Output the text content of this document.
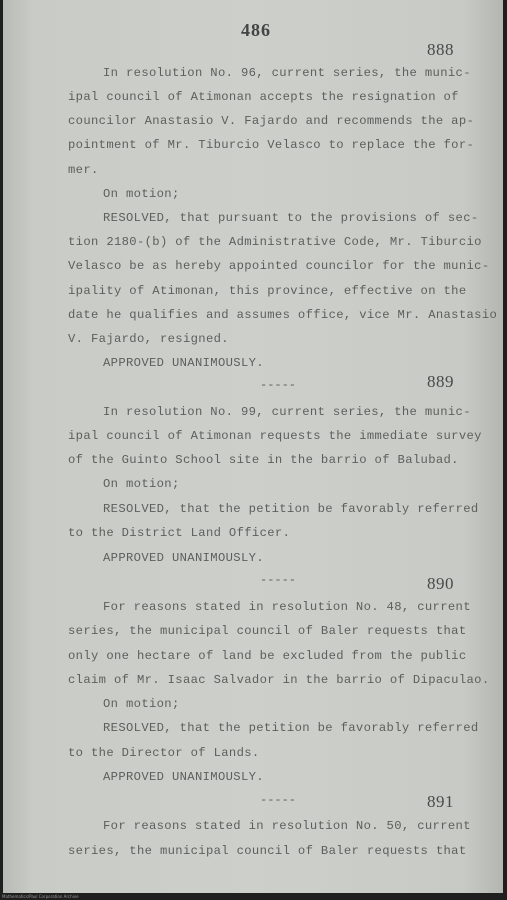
486

888

In resolution No. 96, current series, the munic-

ipal council of Atimonan accepts the resignation of

councilor Anastasio V. Fajardo and recommends the ap-

pointment of Mr. Tiburcio Velasco to replace the for-

mer.

On motion;

RESOLVED, that pursuant to the provisions of sec-

tion 2180-(b) of the Administrative Code, Mr. Tiburcio

Velasco be as hereby appointed councilor for the munic-

ipality of Atimonan, this province, effective on the

date he qualifies and assumes office, vice Mr. Anastasio

V. Fajardo, resigned.

APPROVED UNANIMOUSLY.

-----	889

In resolution No. 99, current series, the munic-

ipal council of Atimonan requests the immediate survey

of the Guinto School site in the barrio of Balubad.

On motion;

RESOLVED, that the petition be favorably referred

to the District Land Officer.

APPROVED UNANIMOUSLY.

-----	890

For reasons stated in resolution No. 48, current

series, the municipal council of Baler requests that

only one hectare of land be excluded from the public

claim of Mr. Isaac Salvador in the barrio of Dipaculao.

On motion;

RESOLVED, that the petition be favorably referred

to the Director of Lands.

APPROVED UNANIMOUSLY.

-----	891

For reasons stated in resolution No. 50, current

series, the municipal council of Baler requests that

Mathematics/Paul Corporation Archive
